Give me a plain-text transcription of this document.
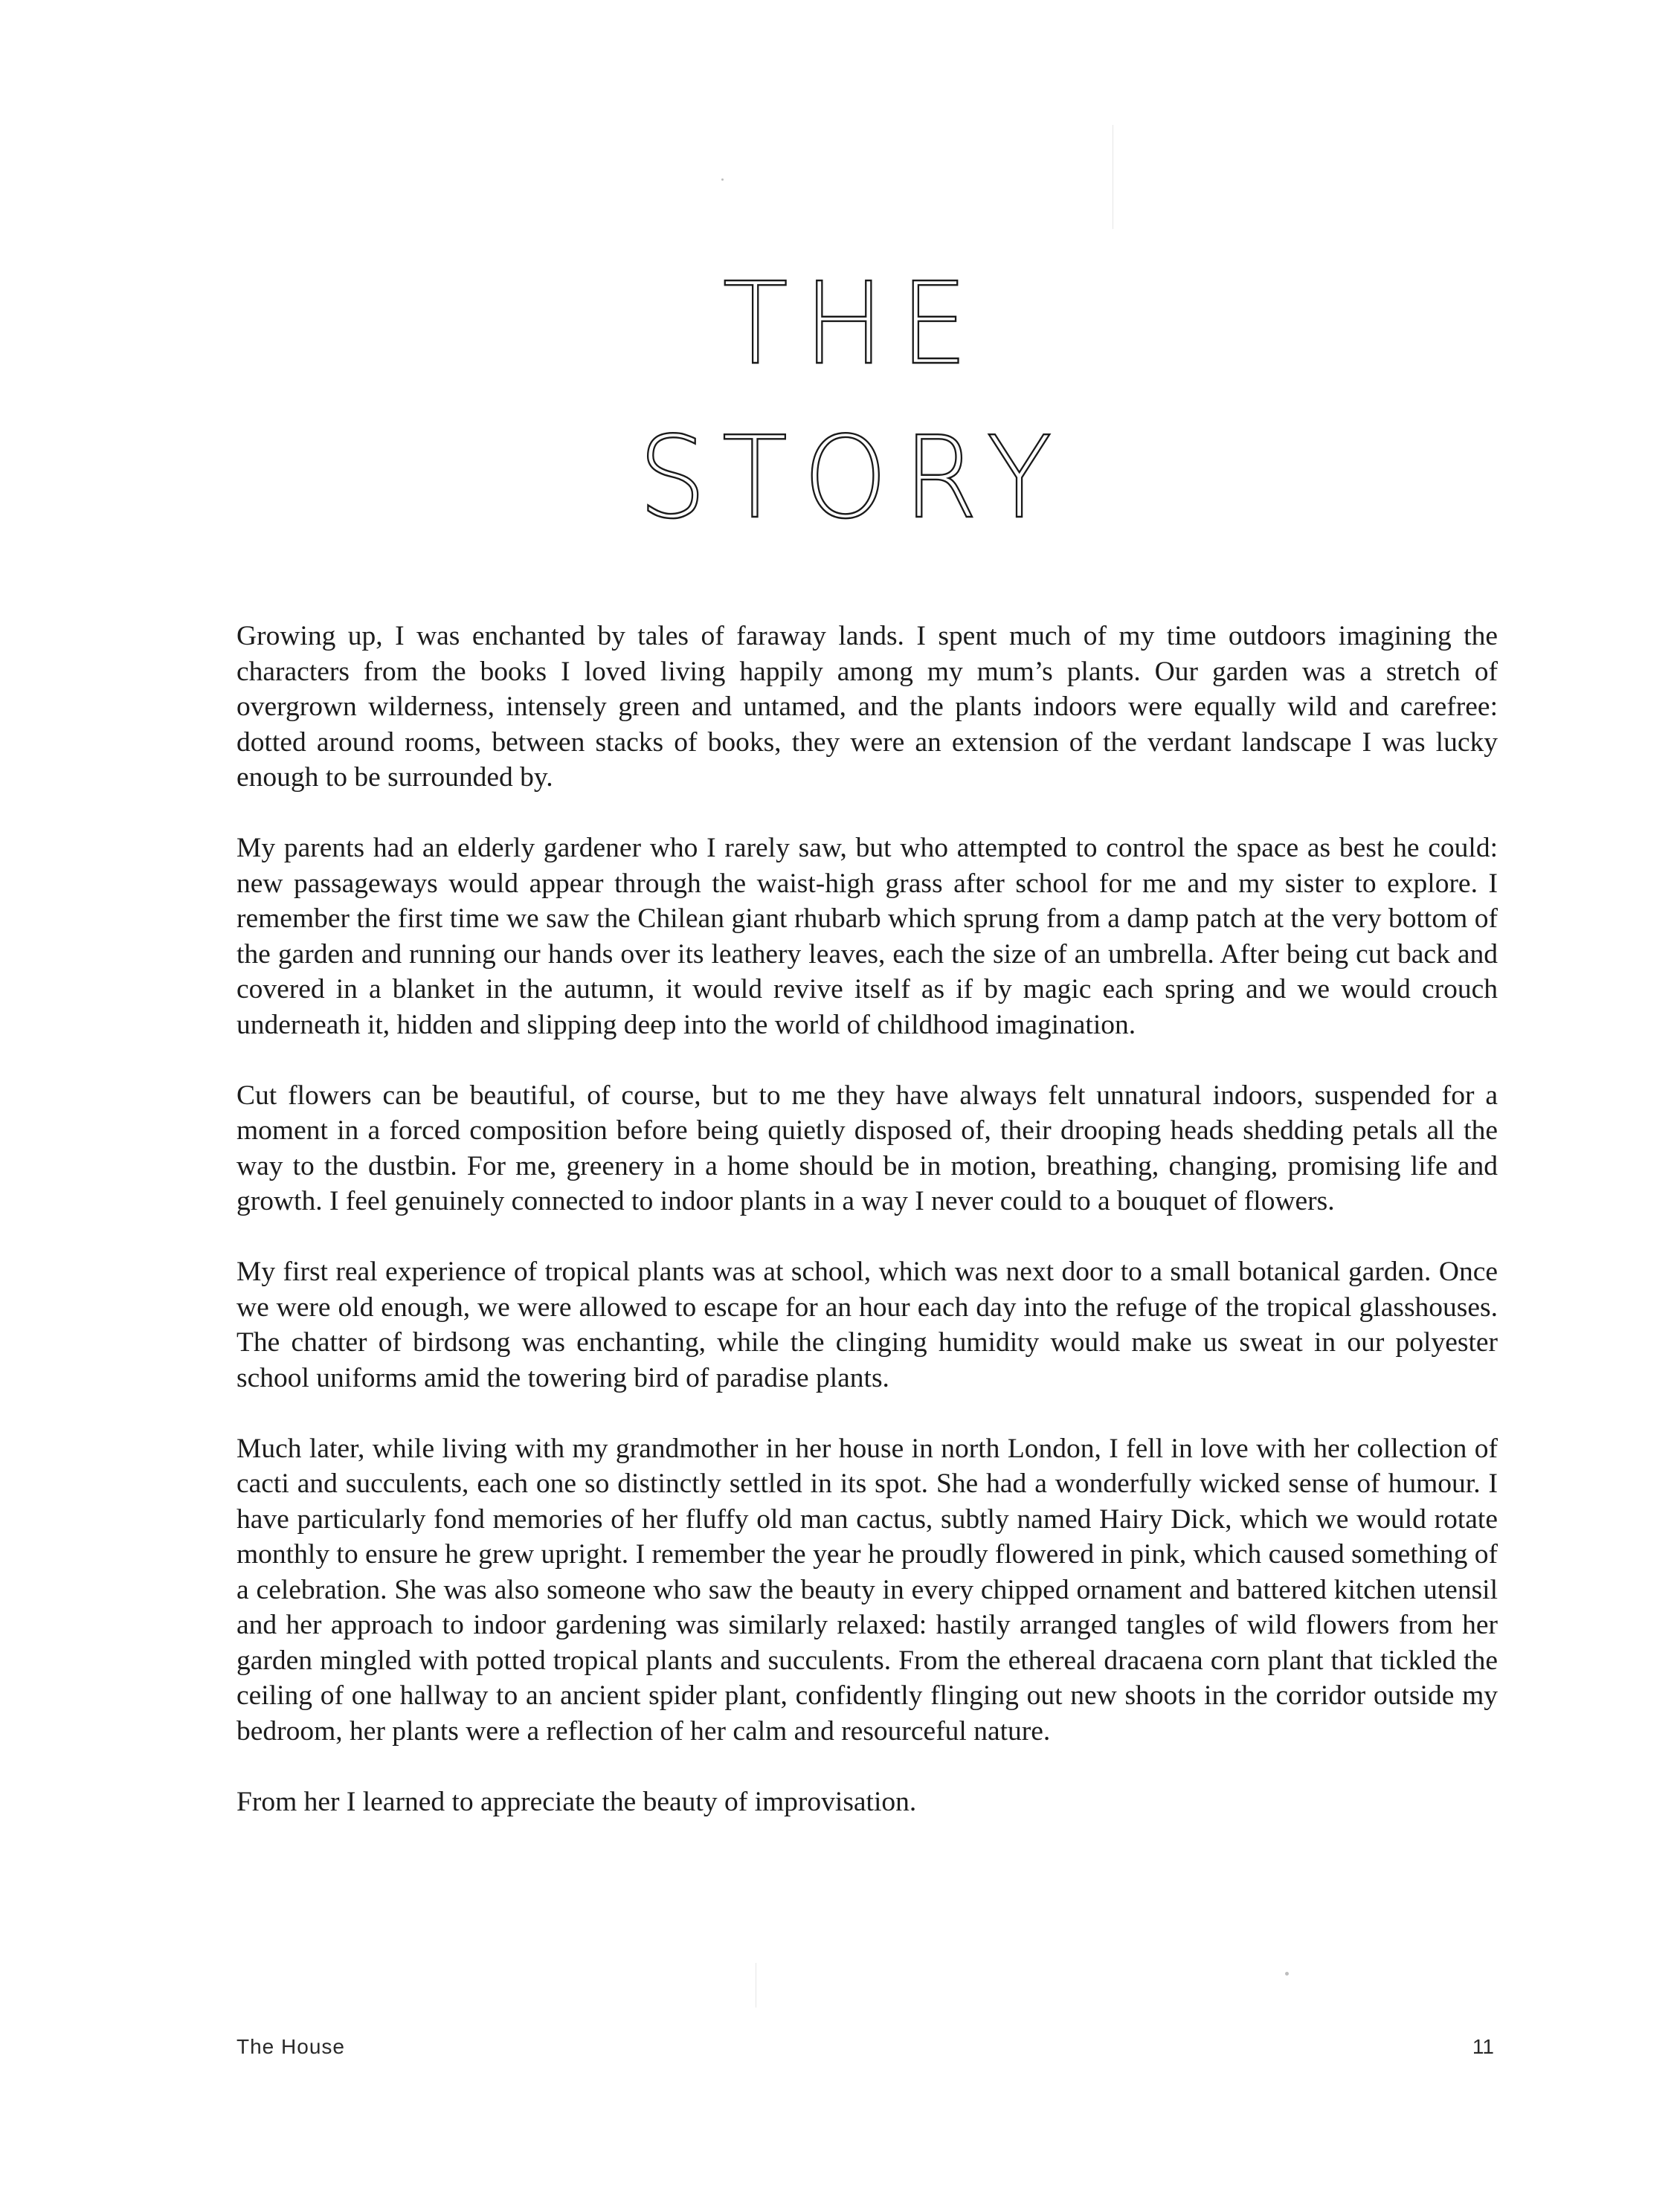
THE
STORY

Growing up, I was enchanted by tales of faraway lands. I spent much of my time outdoors imagining the characters from the books I loved living happily among my mum’s plants. Our garden was a stretch of overgrown wilderness, intensely green and untamed, and the plants indoors were equally wild and carefree: dotted around rooms, between stacks of books, they were an extension of the verdant landscape I was lucky enough to be surrounded by.

My parents had an elderly gardener who I rarely saw, but who attempted to control the space as best he could: new passageways would appear through the waist-high grass after school for me and my sister to explore. I remember the first time we saw the Chilean giant rhubarb which sprung from a damp patch at the very bottom of the garden and running our hands over its leathery leaves, each the size of an umbrella. After being cut back and covered in a blanket in the autumn, it would revive itself as if by magic each spring and we would crouch underneath it, hidden and slipping deep into the world of childhood imagination.

Cut flowers can be beautiful, of course, but to me they have always felt unnatural indoors, suspended for a moment in a forced composition before being quietly disposed of, their drooping heads shedding petals all the way to the dustbin. For me, greenery in a home should be in motion, breathing, changing, promising life and growth. I feel genuinely connected to indoor plants in a way I never could to a bouquet of flowers.

My first real experience of tropical plants was at school, which was next door to a small botanical garden. Once we were old enough, we were allowed to escape for an hour each day into the refuge of the tropical glasshouses. The chatter of birdsong was enchanting, while the clinging humidity would make us sweat in our polyester school uniforms amid the towering bird of paradise plants.

Much later, while living with my grandmother in her house in north London, I fell in love with her collection of cacti and succulents, each one so distinctly settled in its spot. She had a wonderfully wicked sense of humour. I have particularly fond memories of her fluffy old man cactus, subtly named Hairy Dick, which we would rotate monthly to ensure he grew upright. I remember the year he proudly flowered in pink, which caused something of a celebration. She was also someone who saw the beauty in every chipped ornament and battered kitchen utensil and her approach to indoor gardening was similarly relaxed: hastily arranged tangles of wild flowers from her garden mingled with potted tropical plants and succulents. From the ethereal dracaena corn plant that tickled the ceiling of one hallway to an ancient spider plant, confidently flinging out new shoots in the corridor outside my bedroom, her plants were a reflection of her calm and resourceful nature.

From her I learned to appreciate the beauty of improvisation.

The House	11
